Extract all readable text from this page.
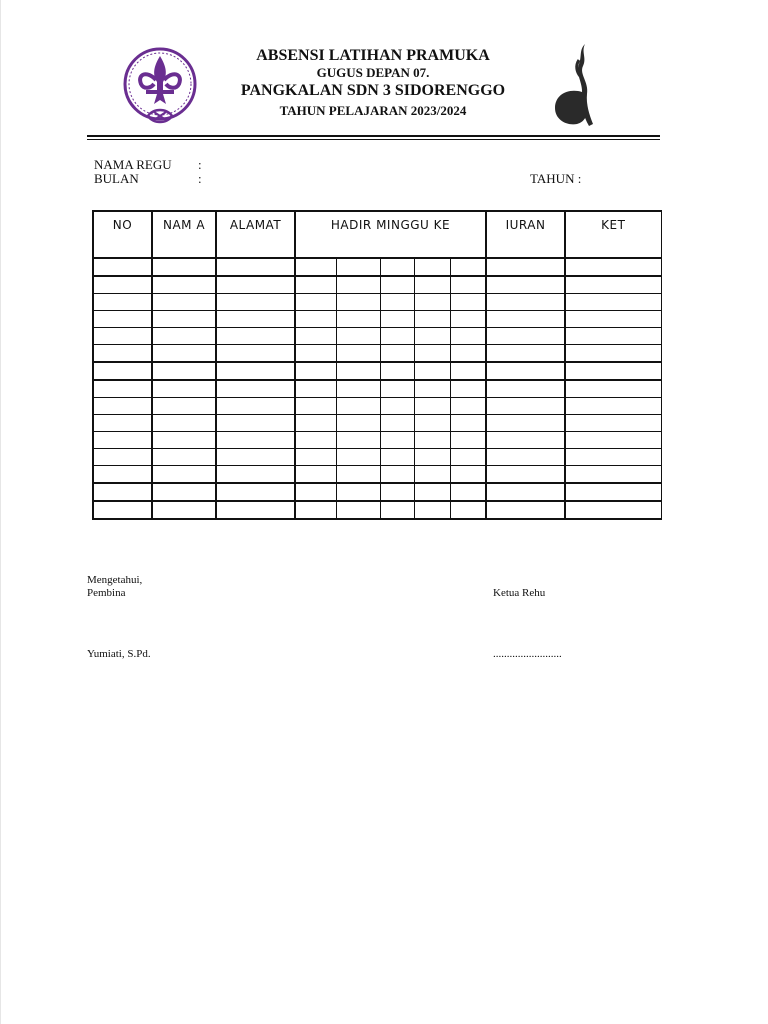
ABSENSI LATIHAN PRAMUKA
GUGUS DEPAN 07.
PANGKALAN SDN 3 SIDORENGGO
TAHUN PELAJARAN 2023/2024
NAMA REGU :
BULAN	:	TAHUN :
NO	NAM A	ALAMAT	HADIR MINGGU KE					IURAN	KET

Mengetahui,
Pembina	Ketua Rehu
Yumiati, S.Pd.	.........................
